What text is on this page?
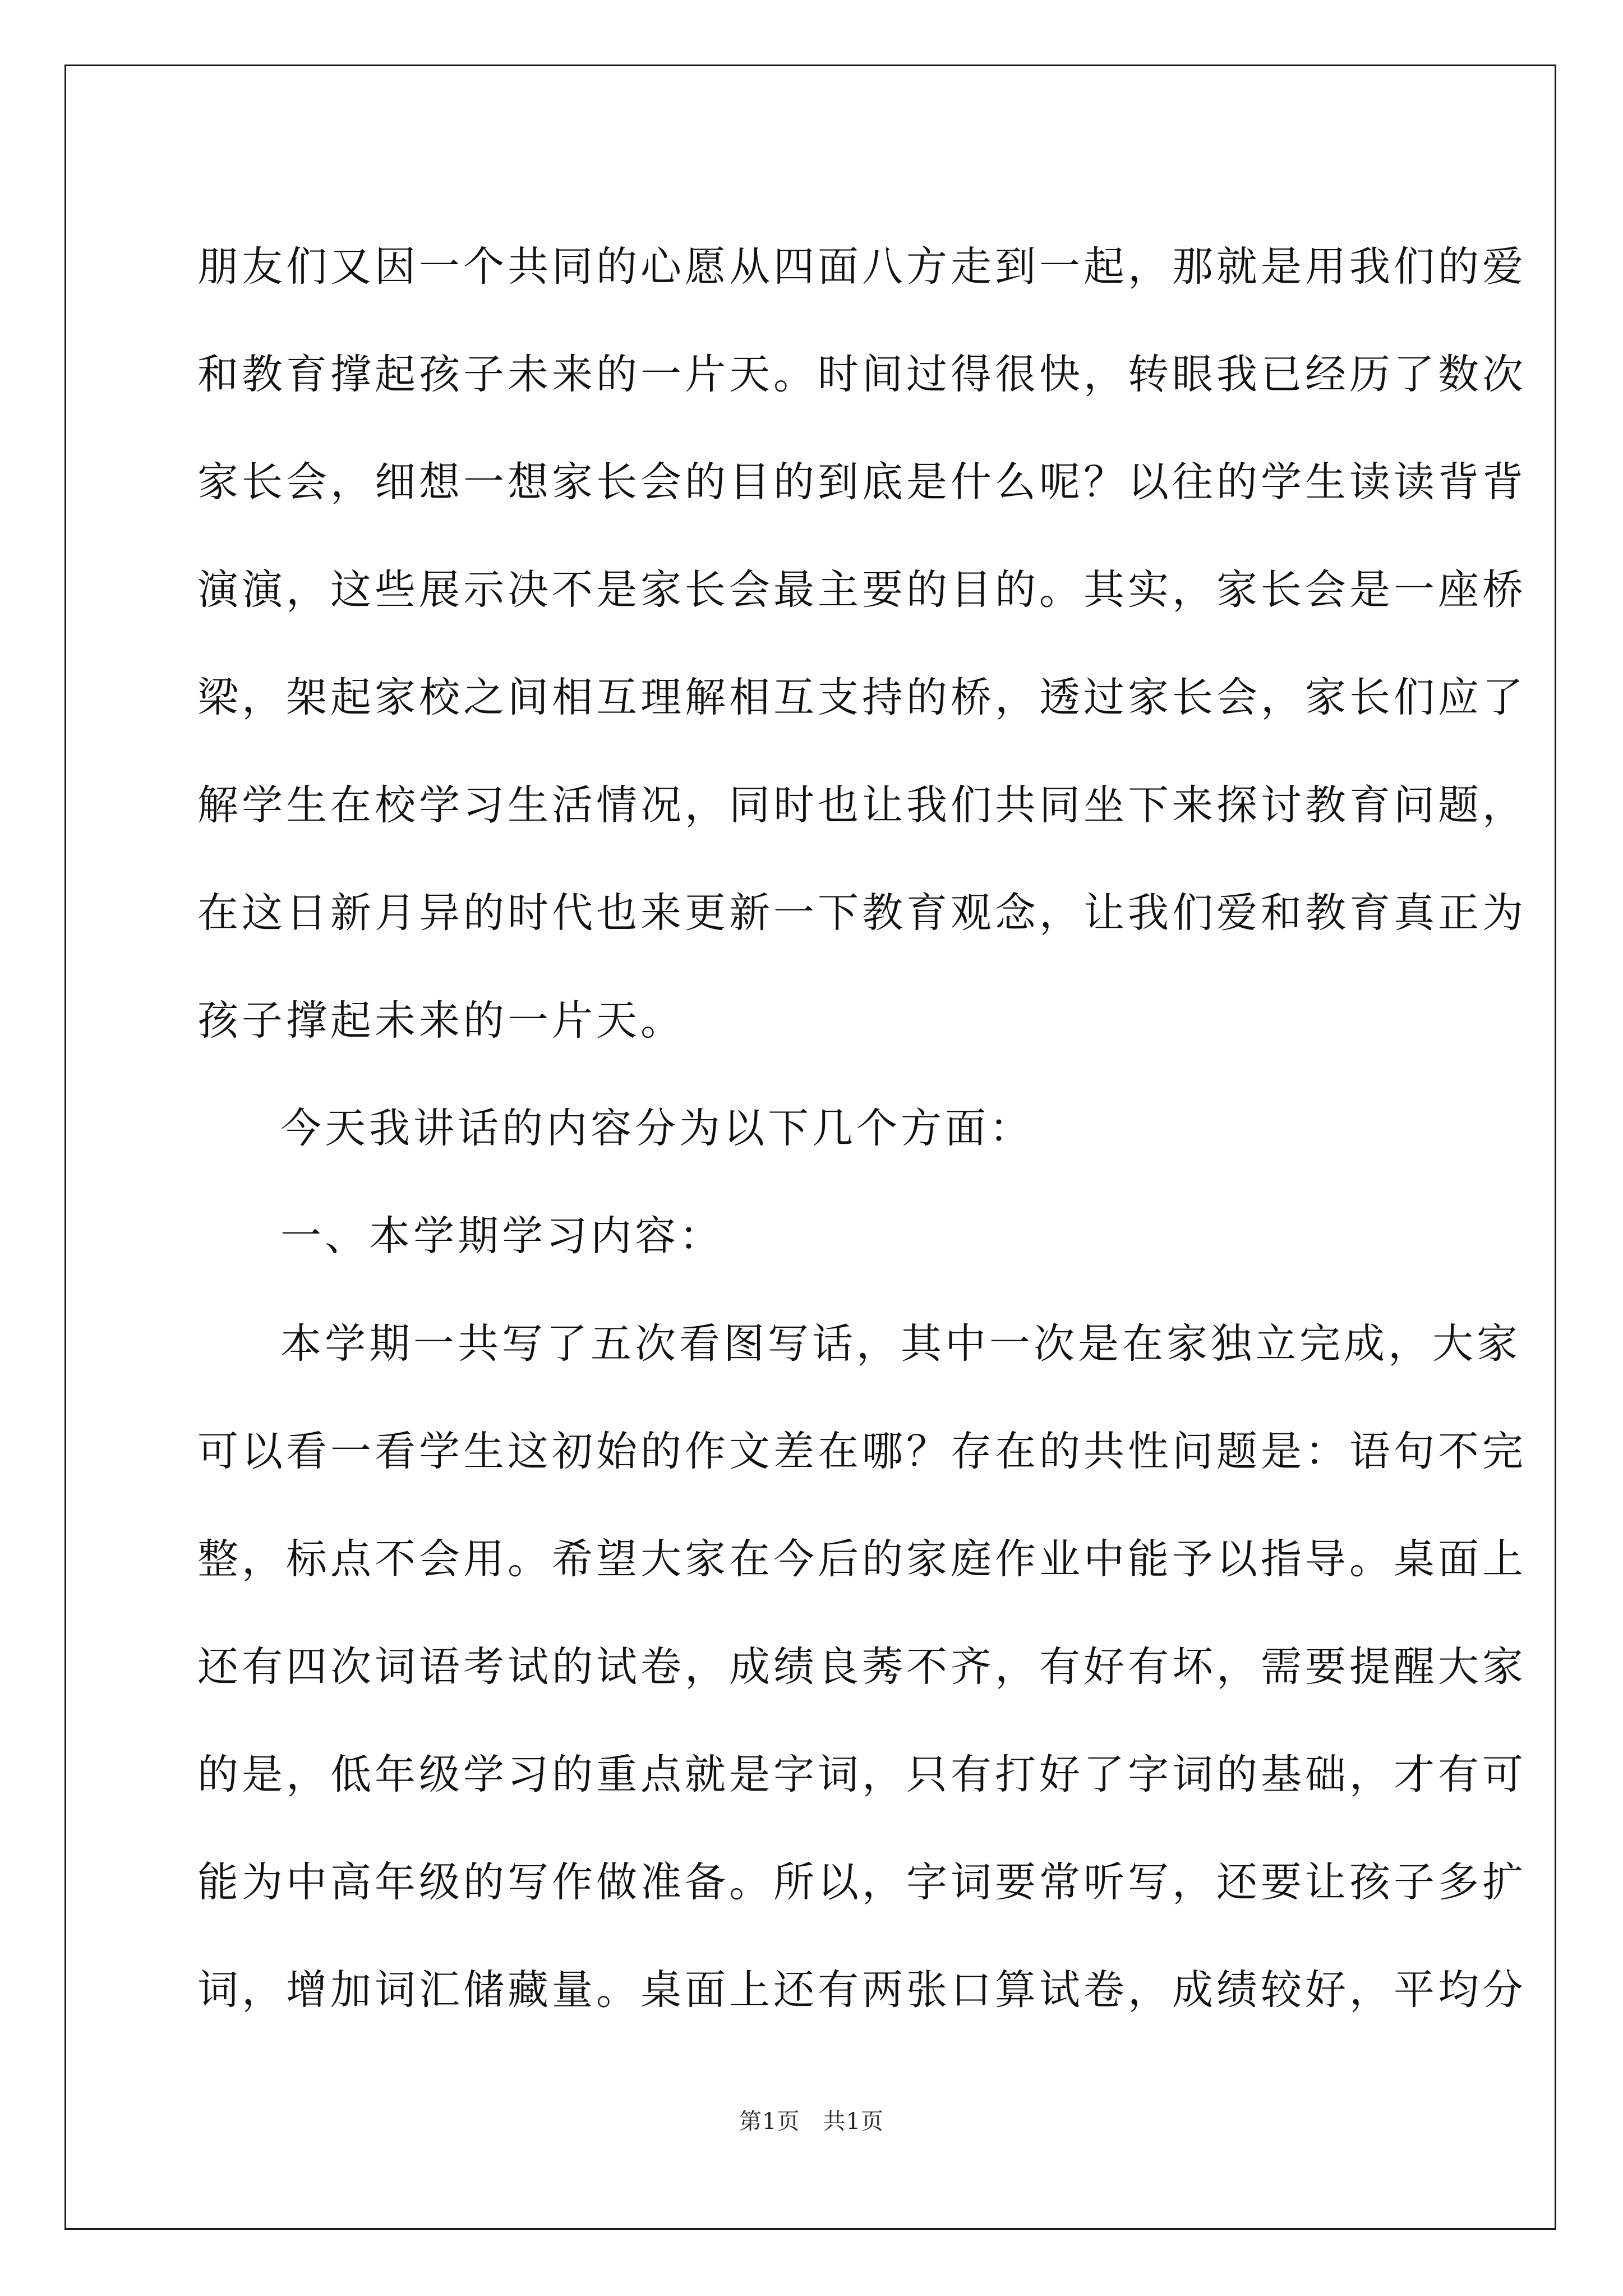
朋友们又因一个共同的心愿从四面八方走到一起，那就是用我们的爱
和教育撑起孩子未来的一片天。时间过得很快，转眼我已经历了数次
家长会，细想一想家长会的目的到底是什么呢？以往的学生读读背背
演演，这些展示决不是家长会最主要的目的。其实，家长会是一座桥
梁，架起家校之间相互理解相互支持的桥，透过家长会，家长们应了
解学生在校学习生活情况，同时也让我们共同坐下来探讨教育问题，
在这日新月异的时代也来更新一下教育观念，让我们爱和教育真正为
孩子撑起未来的一片天。
今天我讲话的内容分为以下几个方面：
一、本学期学习内容：
本学期一共写了五次看图写话，其中一次是在家独立完成，大家
可以看一看学生这初始的作文差在哪？存在的共性问题是：语句不完
整，标点不会用。希望大家在今后的家庭作业中能予以指导。桌面上
还有四次词语考试的试卷，成绩良莠不齐，有好有坏，需要提醒大家
的是，低年级学习的重点就是字词，只有打好了字词的基础，才有可
能为中高年级的写作做准备。所以，字词要常听写，还要让孩子多扩
词，增加词汇储藏量。桌面上还有两张口算试卷，成绩较好，平均分
第1页　共1页
